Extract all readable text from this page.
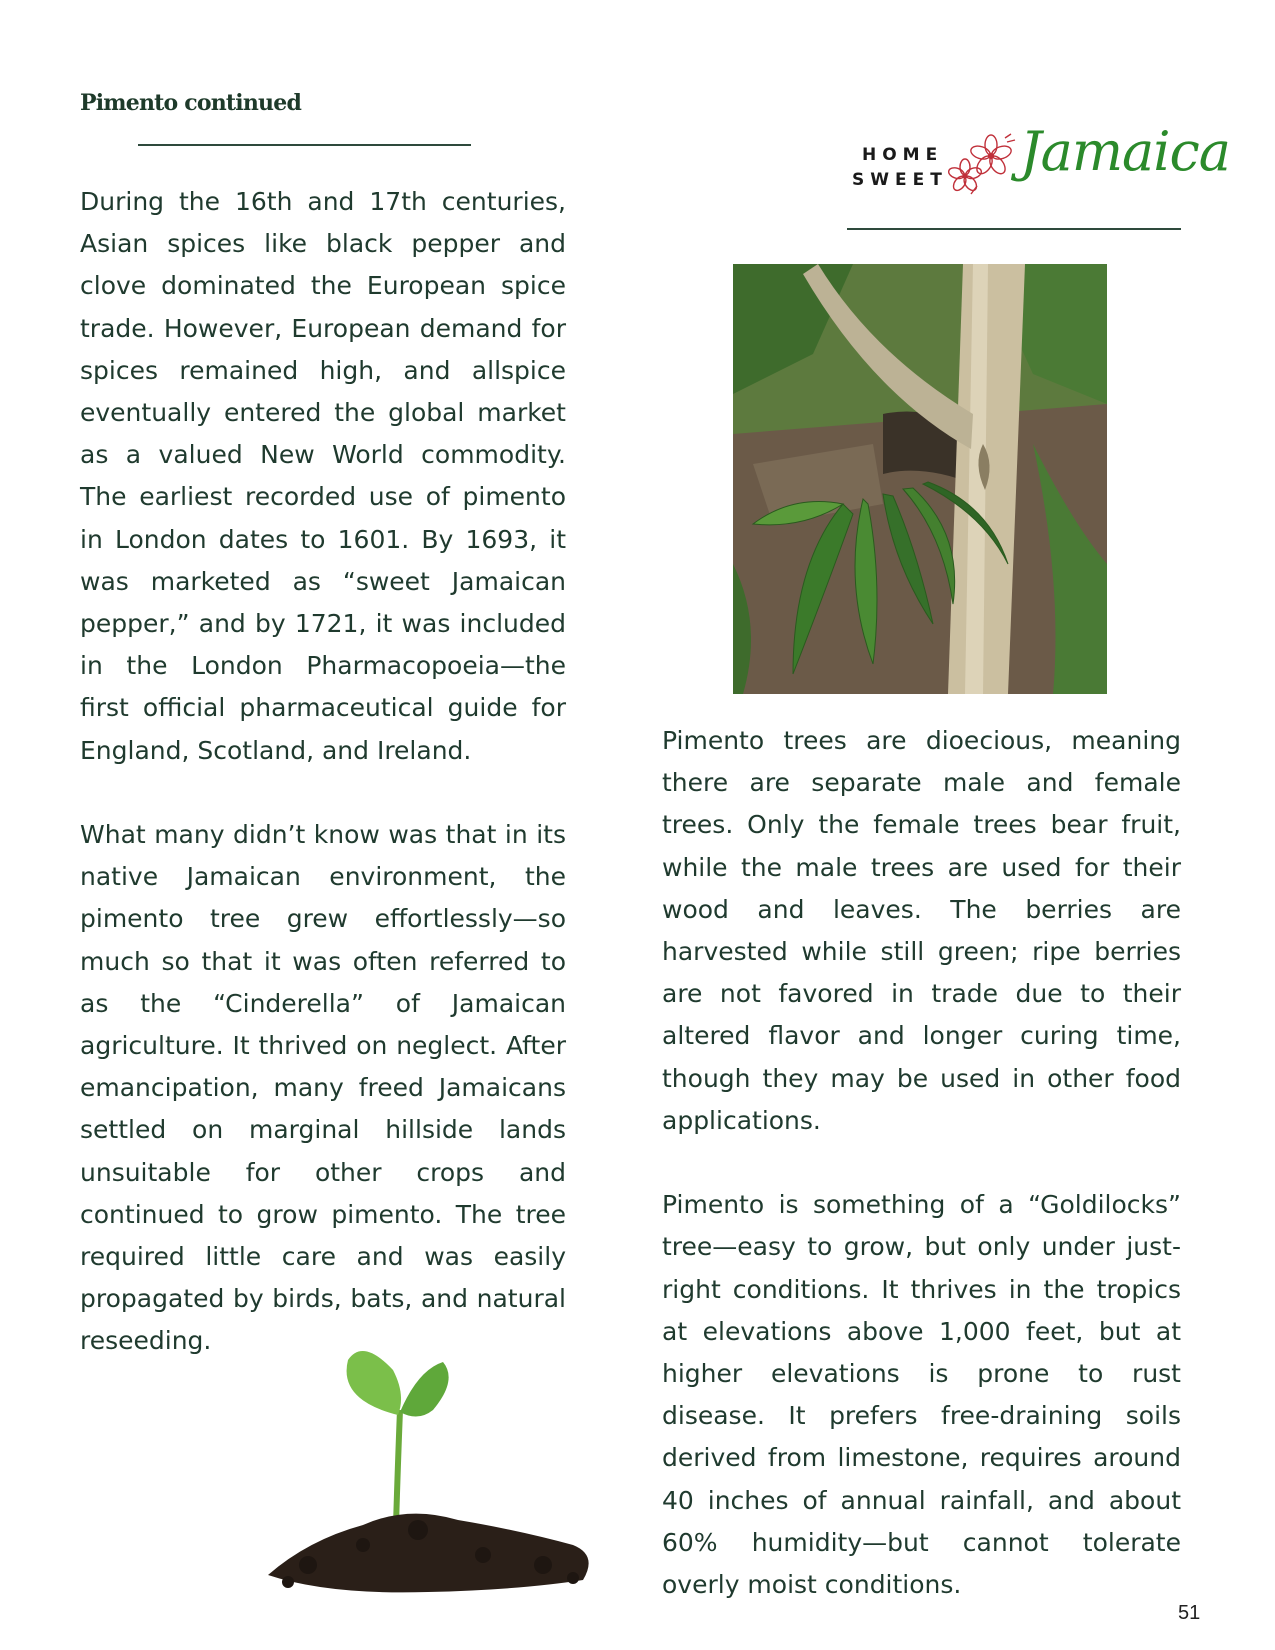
Pimento continued

HOME

SWEET Jamaica

During the 16th and 17th centuries, Asian spices like black pepper and clove dominated the European spice trade. However, European demand for spices remained high, and allspice eventually entered the global market as a valued New World commodity. The earliest recorded use of pimento in London dates to 1601. By 1693, it was marketed as “sweet Jamaican pepper,” and by 1721, it was included in the London Pharmacopoeia—the first official pharmaceutical guide for England, Scotland, and Ireland.

What many didn’t know was that in its native Jamaican environment, the pimento tree grew effortlessly—so much so that it was often referred to as the “Cinderella” of Jamaican agriculture. It thrived on neglect. After emancipation, many freed Jamaicans settled on marginal hillside lands unsuitable for other crops and continued to grow pimento. The tree required little care and was easily propagated by birds, bats, and natural reseeding.

Pimento trees are dioecious, meaning there are separate male and female trees. Only the female trees bear fruit, while the male trees are used for their wood and leaves. The berries are harvested while still green; ripe berries are not favored in trade due to their altered flavor and longer curing time, though they may be used in other food applications.

Pimento is something of a “Goldilocks” tree—easy to grow, but only under just-right conditions. It thrives in the tropics at elevations above 1,000 feet, but at higher elevations is prone to rust disease. It prefers free-draining soils derived from limestone, requires around 40 inches of annual rainfall, and about 60% humidity—but cannot tolerate overly moist conditions.

51
